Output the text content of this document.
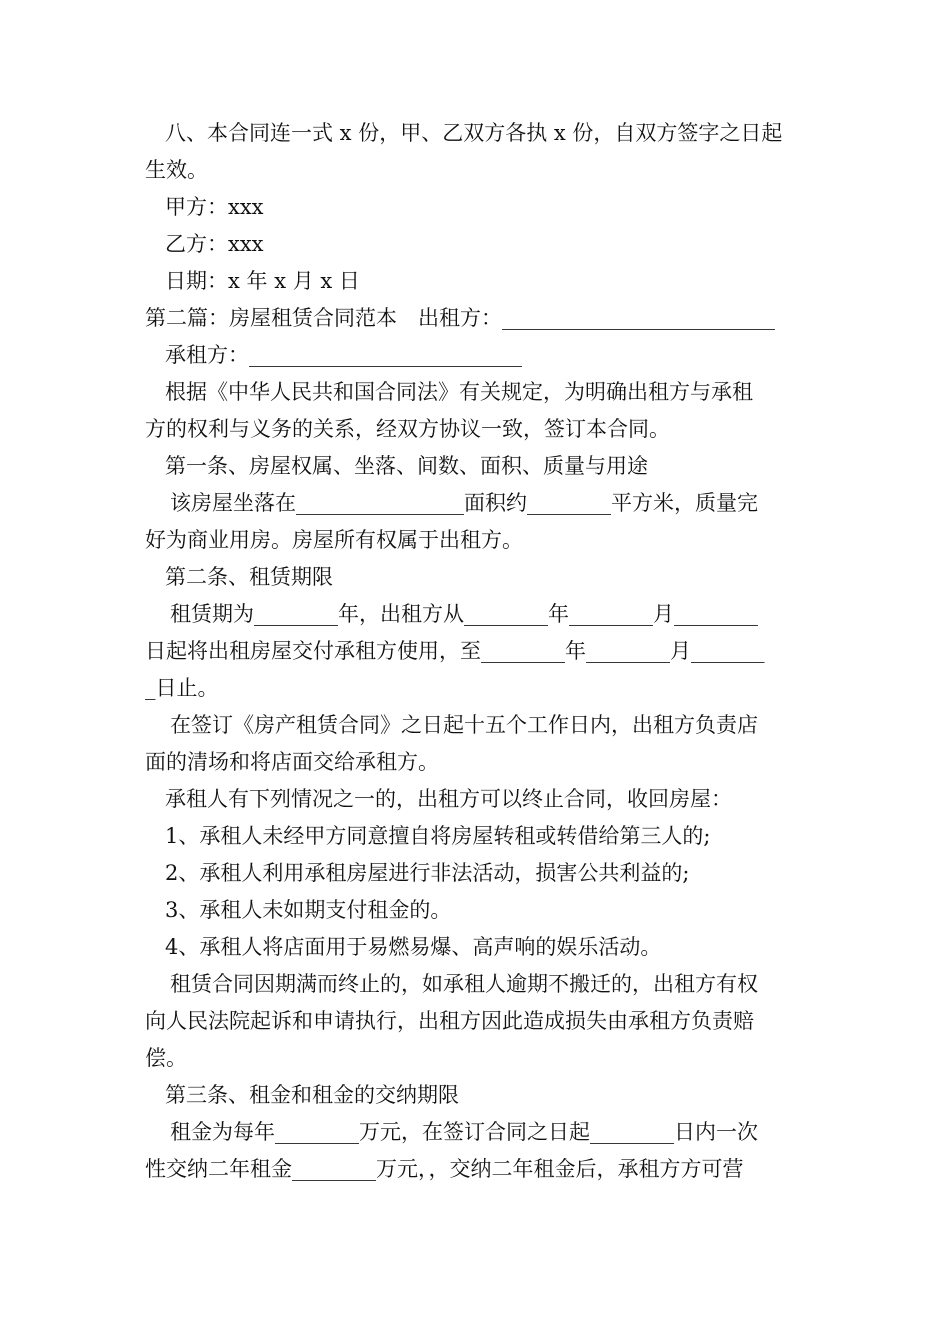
八、本合同连一式 x 份，甲、乙双方各执 x 份，自双方签字之日起
生效。
甲方：xxx
乙方：xxx
日期：x 年 x 月 x 日
第二篇：房屋租赁合同范本　出租方：__________________________
承租方：__________________________
根据《中华人民共和国合同法》有关规定，为明确出租方与承租
方的权利与义务的关系，经双方协议一致，签订本合同。
第一条、房屋权属、坐落、间数、面积、质量与用途
该房屋坐落在________________面积约________平方米，质量完
好为商业用房。房屋所有权属于出租方。
第二条、租赁期限
租赁期为________年，出租方从________年________月________
日起将出租房屋交付承租方使用，至________年________月_______
_日止。
在签订《房产租赁合同》之日起十五个工作日内，出租方负责店
面的清场和将店面交给承租方。
承租人有下列情况之一的，出租方可以终止合同，收回房屋：
1、承租人未经甲方同意擅自将房屋转租或转借给第三人的;
2、承租人利用承租房屋进行非法活动，损害公共利益的;
3、承租人未如期支付租金的。
4、承租人将店面用于易燃易爆、高声响的娱乐活动。
租赁合同因期满而终止的，如承租人逾期不搬迁的，出租方有权
向人民法院起诉和申请执行，出租方因此造成损失由承租方负责赔
偿。
第三条、租金和租金的交纳期限
租金为每年________万元，在签订合同之日起________日内一次
性交纳二年租金________万元，，交纳二年租金后，承租方方可营
